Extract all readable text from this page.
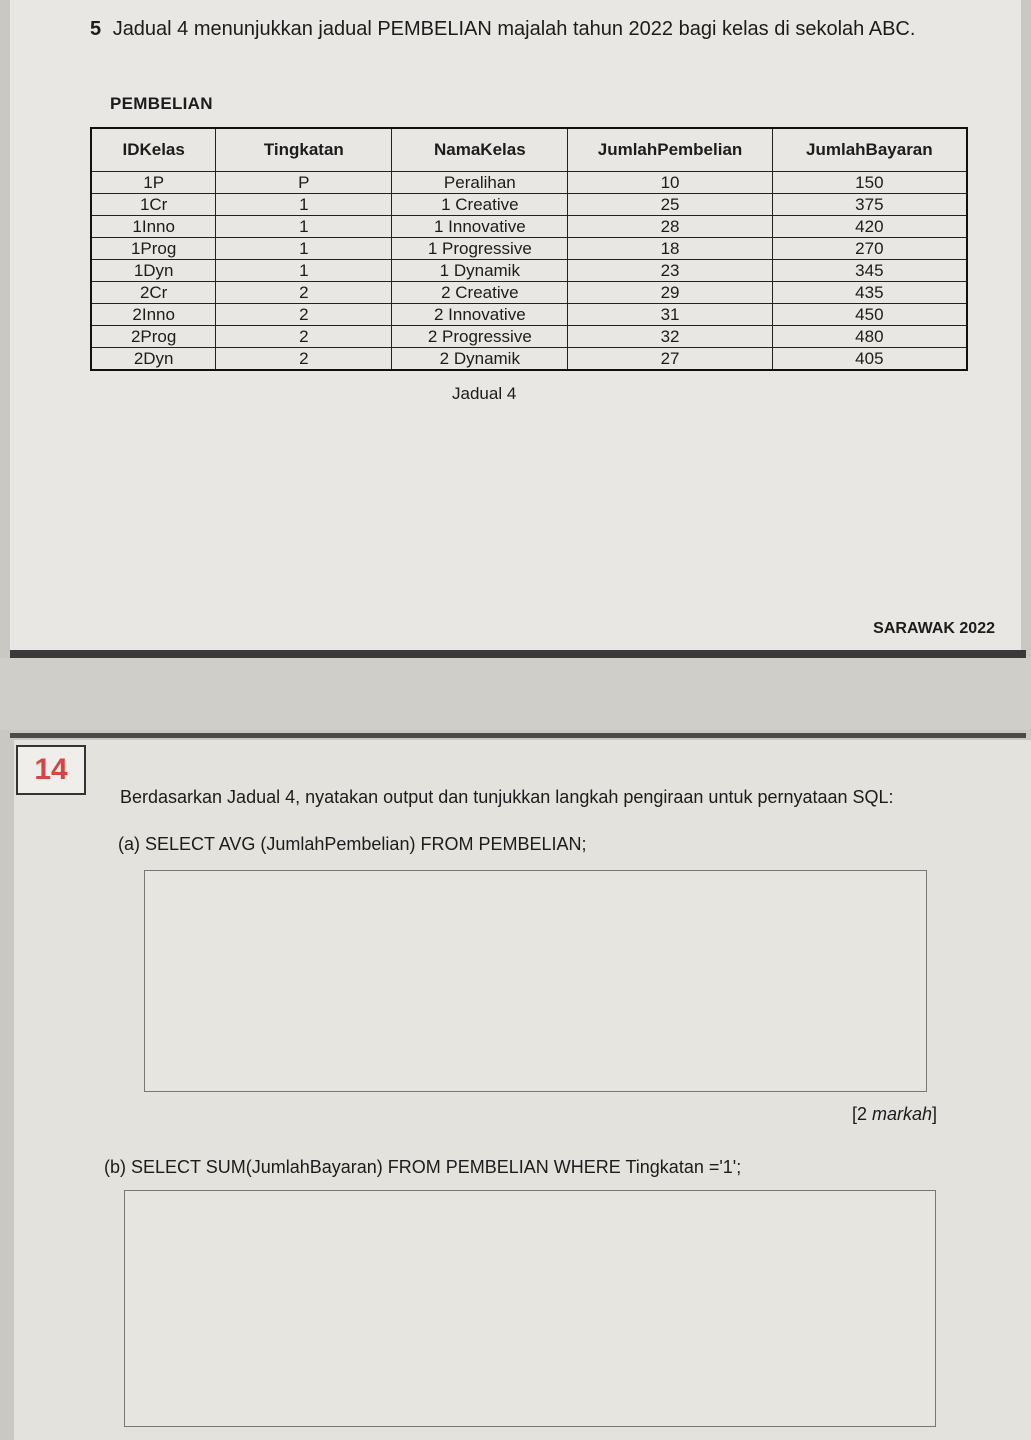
5 Jadual 4 menunjukkan jadual PEMBELIAN majalah tahun 2022 bagi kelas di sekolah ABC.
PEMBELIAN
IDKelas	Tingkatan	NamaKelas	JumlahPembelian	JumlahBayaran
1P	P	Peralihan	10	150
1Cr	1	1 Creative	25	375
1Inno	1	1 Innovative	28	420
1Prog	1	1 Progressive	18	270
1Dyn	1	1 Dynamik	23	345
2Cr	2	2 Creative	29	435
2Inno	2	2 Innovative	31	450
2Prog	2	2 Progressive	32	480
2Dyn	2	2 Dynamik	27	405
Jadual 4
SARAWAK 2022
14
Berdasarkan Jadual 4, nyatakan output dan tunjukkan langkah pengiraan untuk pernyataan SQL:
(a) SELECT AVG (JumlahPembelian) FROM PEMBELIAN;
[2 markah]
(b) SELECT SUM(JumlahBayaran) FROM PEMBELIAN WHERE Tingkatan ='1';
